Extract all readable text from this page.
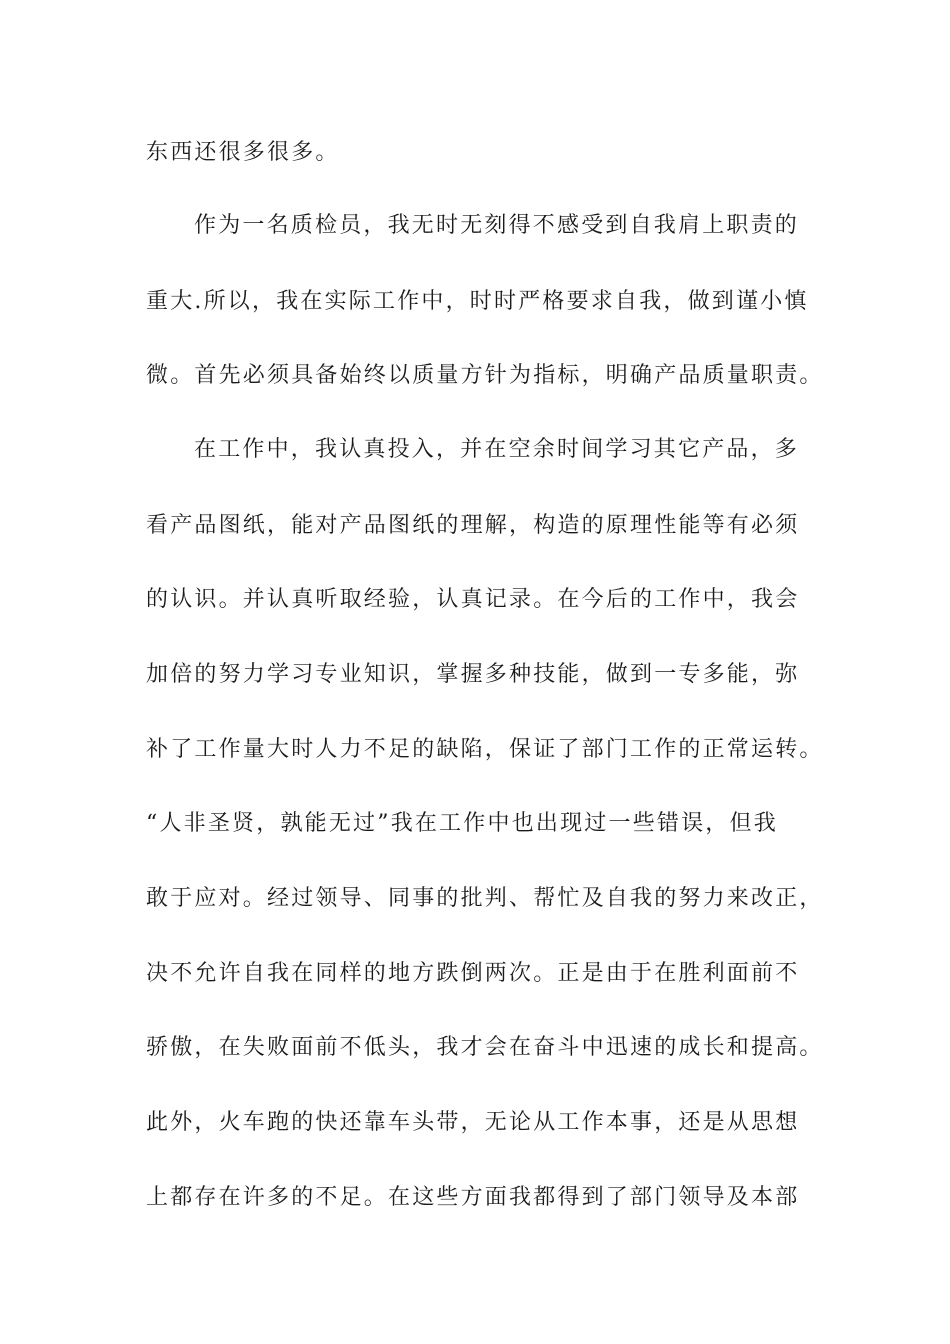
东西还很多很多。
作为一名质检员，我无时无刻得不感受到自我肩上职责的
重大.所以，我在实际工作中，时时严格要求自我，做到谨小慎
微。首先必须具备始终以质量方针为指标，明确产品质量职责。
在工作中，我认真投入，并在空余时间学习其它产品，多
看产品图纸，能对产品图纸的理解，构造的原理性能等有必须
的认识。并认真听取经验，认真记录。在今后的工作中，我会
加倍的努力学习专业知识，掌握多种技能，做到一专多能，弥
补了工作量大时人力不足的缺陷，保证了部门工作的正常运转。
“人非圣贤，孰能无过”我在工作中也出现过一些错误，但我
敢于应对。经过领导、同事的批判、帮忙及自我的努力来改正，
决不允许自我在同样的地方跌倒两次。正是由于在胜利面前不
骄傲，在失败面前不低头，我才会在奋斗中迅速的成长和提高。
此外，火车跑的快还靠车头带，无论从工作本事，还是从思想
上都存在许多的不足。在这些方面我都得到了部门领导及本部
